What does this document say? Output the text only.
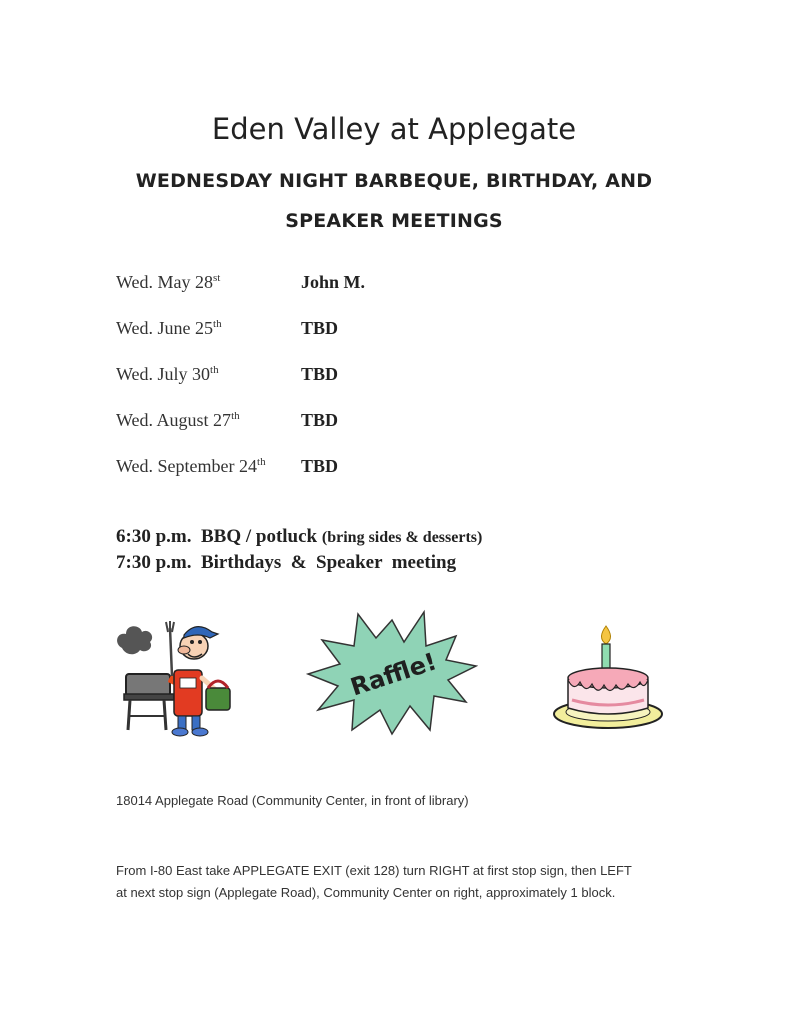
Eden Valley at Applegate
WEDNESDAY NIGHT BARBEQUE, BIRTHDAY, AND
SPEAKER MEETINGS
Wed. May 28st	John M.
Wed. June 25th	TBD
Wed. July 30th	TBD
Wed. August 27th	TBD
Wed. September 24th TBD
6:30 p.m. BBQ / potluck (bring sides & desserts)
7:30 p.m. Birthdays  &  Speaker  meeting
Raffle!
18014 Applegate Road (Community Center, in front of library)
From I-80 East take APPLEGATE EXIT (exit 128) turn RIGHT at first stop sign, then LEFT
at next stop sign (Applegate Road), Community Center on right, approximately 1 block.
